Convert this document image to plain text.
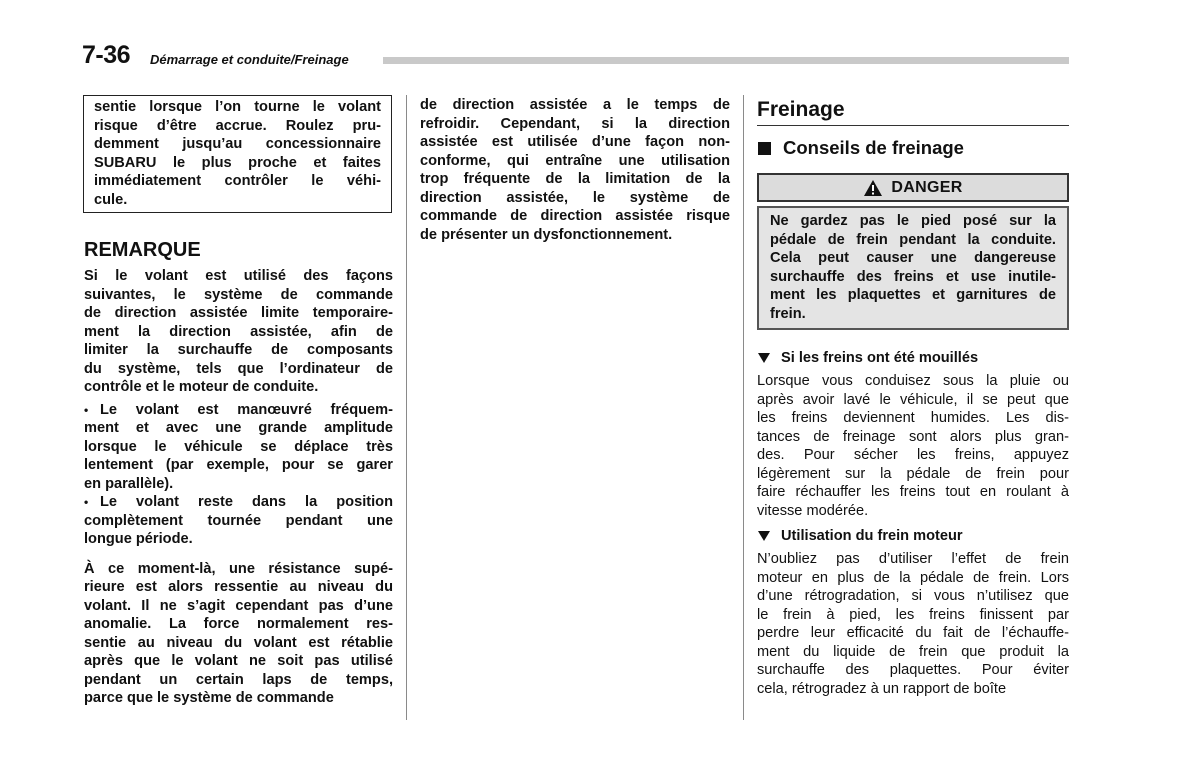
7-36 Démarrage et conduite/Freinage

sentie lorsque l’on tourne le volant
risque d’être accrue. Roulez pru-
demment jusqu’au concessionnaire
SUBARU le plus proche et faites
immédiatement contrôler le véhi-
cule.

REMARQUE

Si le volant est utilisé des façons
suivantes, le système de commande
de direction assistée limite temporaire-
ment la direction assistée, afin de
limiter la surchauffe de composants
du système, tels que l’ordinateur de
contrôle et le moteur de conduite.

• Le volant est manœuvré fréquem-
ment et avec une grande amplitude
lorsque le véhicule se déplace très
lentement (par exemple, pour se garer
en parallèle).

• Le volant reste dans la position
complètement tournée pendant une
longue période.

À ce moment-là, une résistance supé-
rieure est alors ressentie au niveau du
volant. Il ne s’agit cependant pas d’une
anomalie. La force normalement res-
sentie au niveau du volant est rétablie
après que le volant ne soit pas utilisé
pendant un certain laps de temps,
parce que le système de commande

de direction assistée a le temps de
refroidir. Cependant, si la direction
assistée est utilisée d’une façon non-
conforme, qui entraîne une utilisation
trop fréquente de la limitation de la
direction assistée, le système de
commande de direction assistée risque
de présenter un dysfonctionnement.

Freinage
Conseils de freinage
DANGER

Ne gardez pas le pied posé sur la
pédale de frein pendant la conduite.
Cela peut causer une dangereuse
surchauffe des freins et use inutile-
ment les plaquettes et garnitures de
frein.

Si les freins ont été mouillés

Lorsque vous conduisez sous la pluie ou
après avoir lavé le véhicule, il se peut que
les freins deviennent humides. Les dis-
tances de freinage sont alors plus gran-
des. Pour sécher les freins, appuyez
légèrement sur la pédale de frein pour
faire réchauffer les freins tout en roulant à
vitesse modérée.

Utilisation du frein moteur

N’oubliez pas d’utiliser l’effet de frein
moteur en plus de la pédale de frein. Lors
d’une rétrogradation, si vous n’utilisez que
le frein à pied, les freins finissent par
perdre leur efficacité du fait de l’échauffe-
ment du liquide de frein que produit la
surchauffe des plaquettes. Pour éviter
cela, rétrogradez à un rapport de boîte
